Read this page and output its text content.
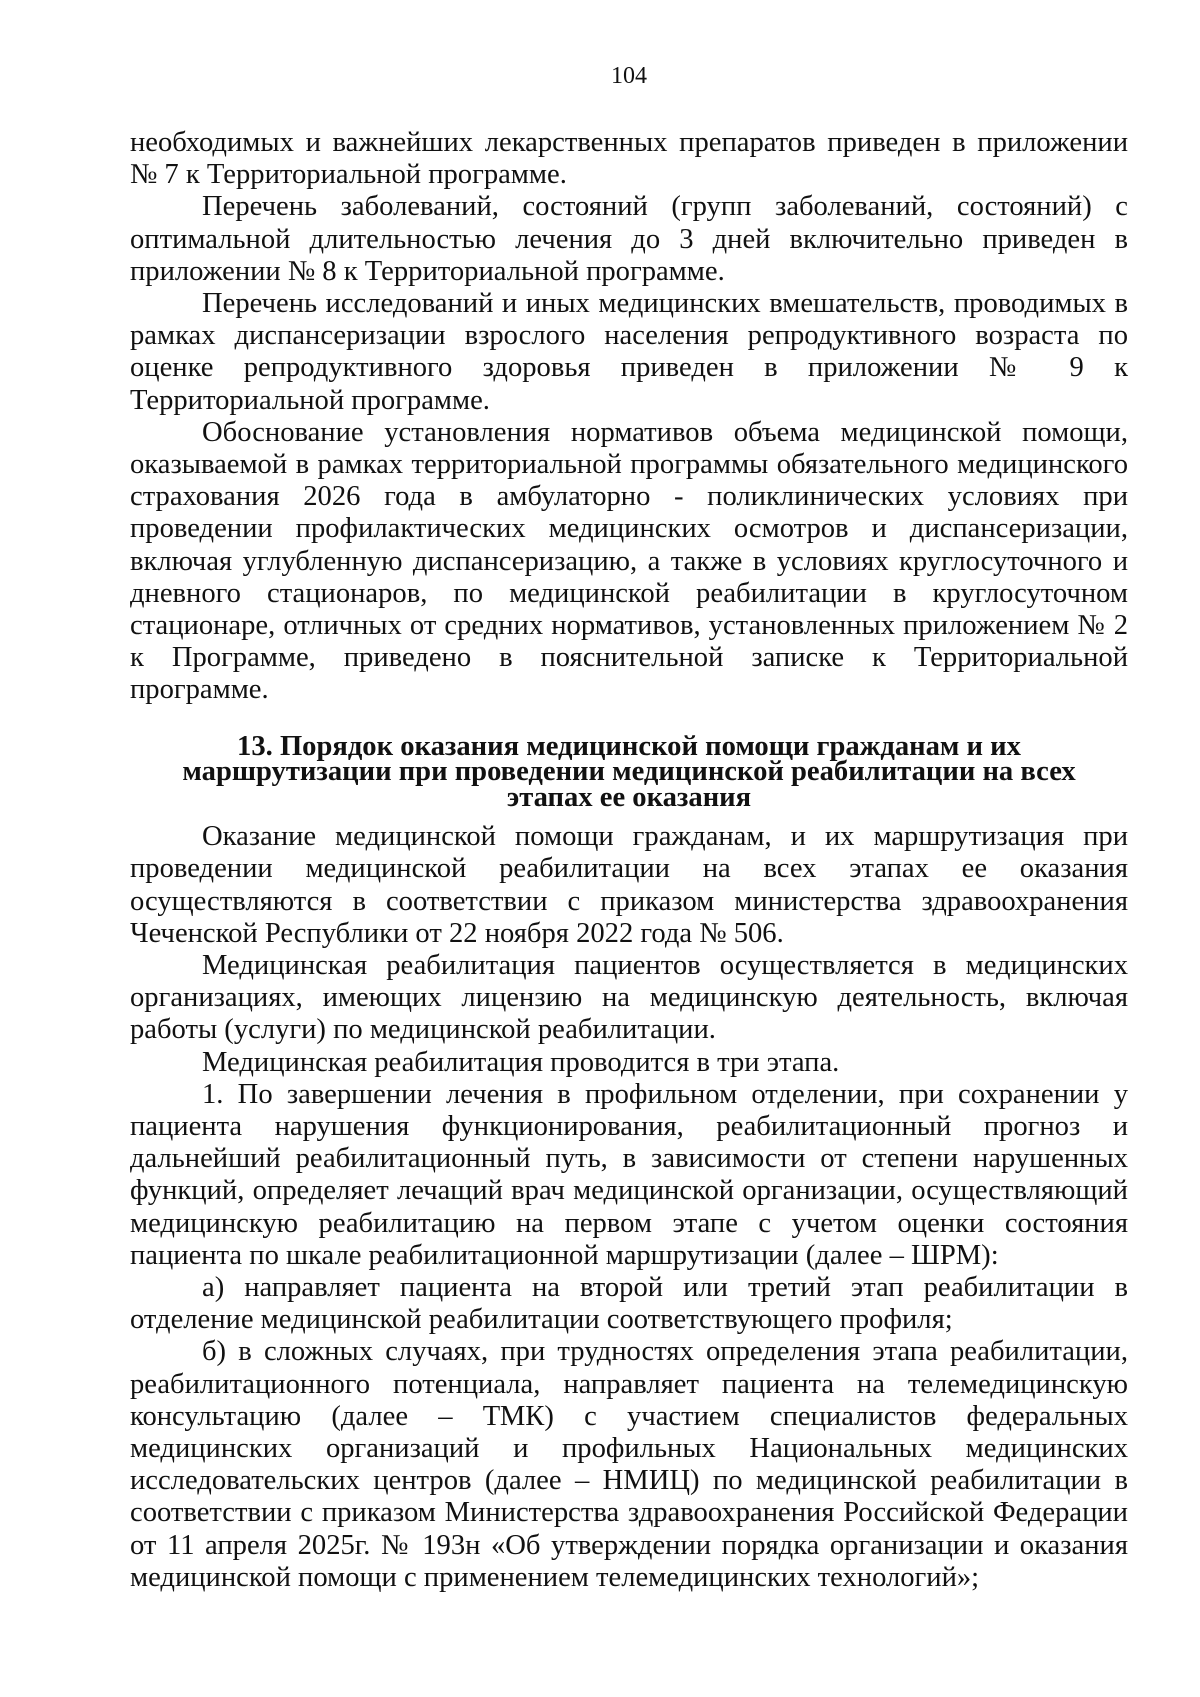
104

необходимых и важнейших лекарственных препаратов приведен в приложении № 7 к Территориальной программе.

Перечень заболеваний, состояний (групп заболеваний, состояний) с оптимальной длительностью лечения до 3 дней включительно приведен в приложении № 8 к Территориальной программе.

Перечень исследований и иных медицинских вмешательств, проводимых в рамках диспансеризации взрослого населения репродуктивного возраста по оценке репродуктивного здоровья приведен в приложении № 9 к Территориальной программе.

Обоснование установления нормативов объема медицинской помощи, оказываемой в рамках территориальной программы обязательного медицинского страхования 2026 года в амбулаторно - поликлинических условиях при проведении профилактических медицинских осмотров и диспансеризации, включая углубленную диспансеризацию, а также в условиях круглосуточного и дневного стационаров, по медицинской реабилитации в круглосуточном стационаре, отличных от средних нормативов, установленных приложением № 2 к Программе, приведено в пояснительной записке к Территориальной программе.

13. Порядок оказания медицинской помощи гражданам и их
маршрутизации при проведении медицинской реабилитации на всех
этапах ее оказания

Оказание медицинской помощи гражданам, и их маршрутизация при проведении медицинской реабилитации на всех этапах ее оказания осуществляются в соответствии с приказом министерства здравоохранения Чеченской Республики от 22 ноября 2022 года № 506.

Медицинская реабилитация пациентов осуществляется в медицинских организациях, имеющих лицензию на медицинскую деятельность, включая работы (услуги) по медицинской реабилитации.

Медицинская реабилитация проводится в три этапа.

1. По завершении лечения в профильном отделении, при сохранении у пациента нарушения функционирования, реабилитационный прогноз и дальнейший реабилитационный путь, в зависимости от степени нарушенных функций, определяет лечащий врач медицинской организации, осуществляющий медицинскую реабилитацию на первом этапе с учетом оценки состояния пациента по шкале реабилитационной маршрутизации (далее – ШРМ):

а) направляет пациента на второй или третий этап реабилитации в отделение медицинской реабилитации соответствующего профиля;

б) в сложных случаях, при трудностях определения этапа реабилитации, реабилитационного потенциала, направляет пациента на телемедицинскую консультацию (далее – ТМК) с участием специалистов федеральных медицинских организаций и профильных Национальных медицинских исследовательских центров (далее – НМИЦ) по медицинской реабилитации в соответствии с приказом Министерства здравоохранения Российской Федерации от 11 апреля 2025г. № 193н «Об утверждении порядка организации и оказания медицинской помощи с применением телемедицинских технологий»;
